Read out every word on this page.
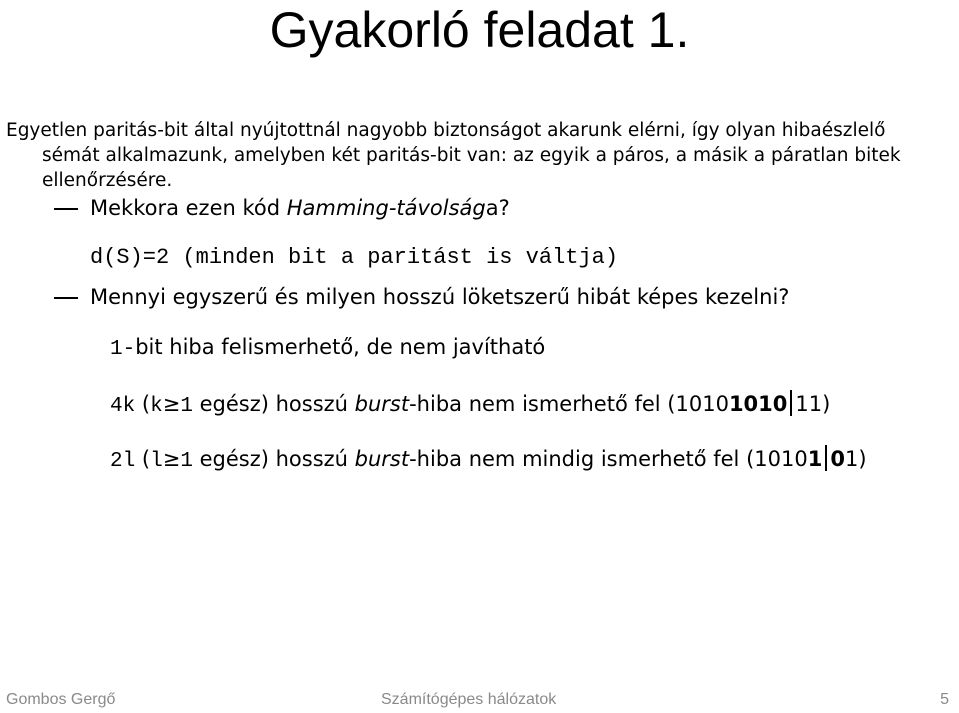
Gyakorló feladat 1.
Egyetlen paritás-bit által nyújtottnál nagyobb biztonságot akarunk elérni, így olyan hibaészlelő
sémát alkalmazunk, amelyben két paritás-bit van: az egyik a páros, a másik a páratlan bitek
ellenőrzésére.
Mekkora ezen kód Hamming-távolsága?
d(S)=2 (minden bit a paritást is váltja)
Mennyi egyszerű és milyen hosszú löketszerű hibát képes kezelni?
1-bit hiba felismerhető, de nem javítható
4k (k≥1 egész) hosszú burst-hiba nem ismerhető fel (10101010 11)
2l (l≥1 egész) hosszú burst-hiba nem mindig ismerhető fel (10101 01)
Gombos Gergő	Számítógépes hálózatok	5
